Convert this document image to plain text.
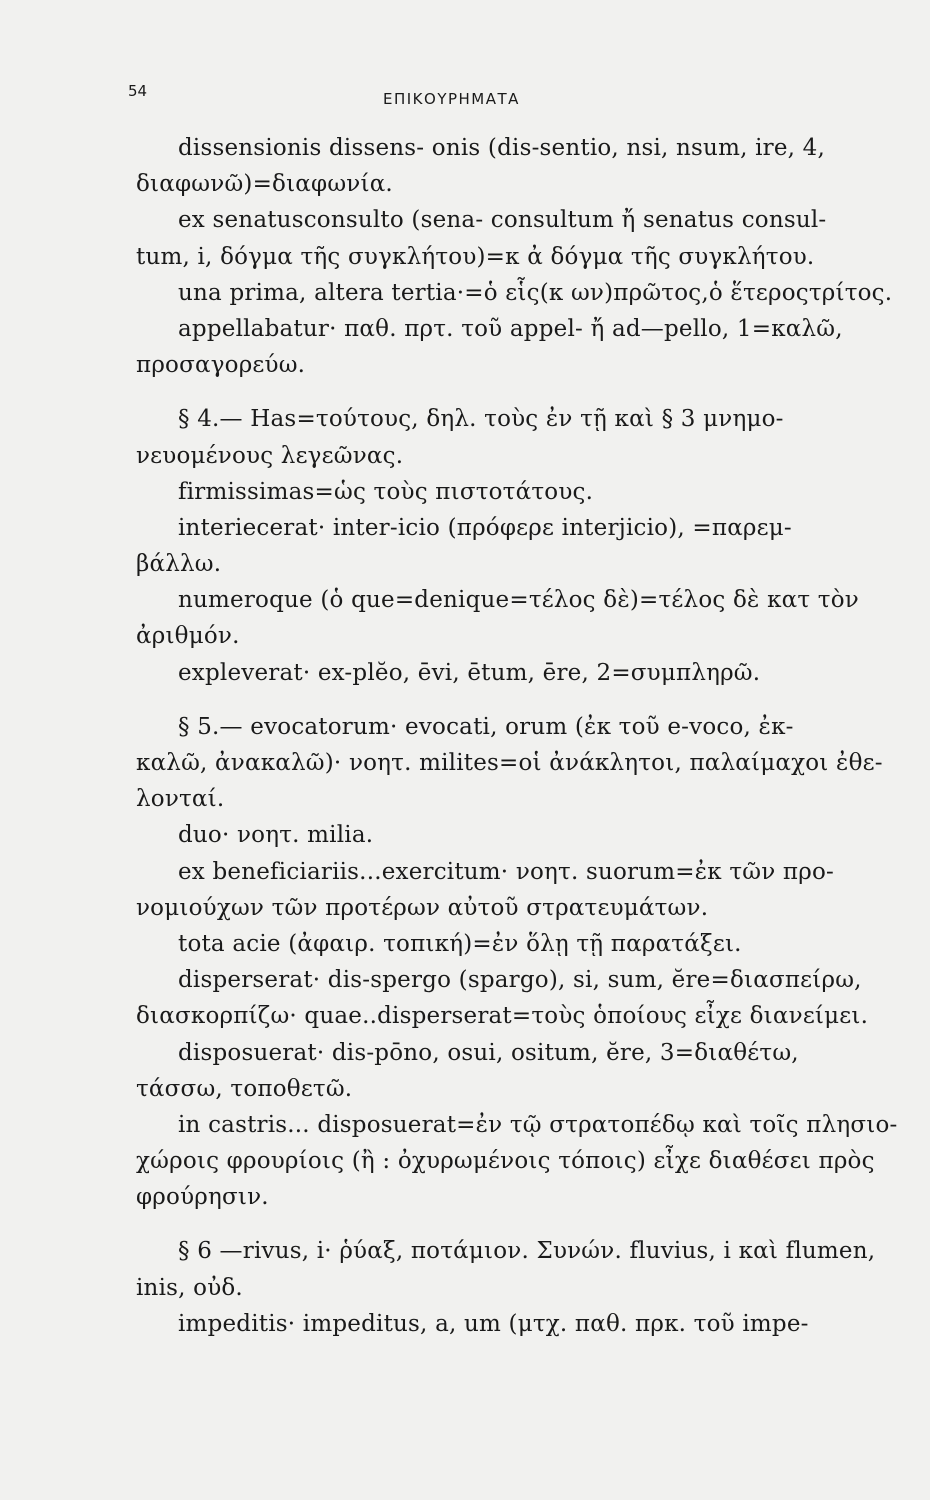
54	ΕΠΙΚΟΥΡΗΜΑΤΑ
dissensionis dissens- onis (dis-sentio, nsi, nsum, ire, 4,
διαφωνῶ)=διαφωνία.
ex senatusconsulto (sena- consultum ἤ senatus consul-
tum, i, δόγμα τῆς συγκλήτου)=κ ἀ δόγμα τῆς συγκλήτου.
una prima, altera tertia·=ὁ εἷς(κ ων)πρῶτος,ὁ ἕτεροςτρίτος.
appellabatur· παθ. πρτ. τοῦ appel- ἤ ad—pello, 1=καλῶ,
προσαγορεύω.
§ 4.— Has=τούτους, δηλ. τοὺς ἐν τῇ καὶ § 3 μνημο-
νευομένους λεγεῶνας.
firmissimas=ὡς τοὺς πιστοτάτους.
interiecerat· inter-icio (πρόφερε interjicio), =παρεμ-
βάλλω.
numeroque (ὁ que=denique=τέλος δὲ)=τέλος δὲ κατ τὸν
ἀριθμόν.
expleverat· ex-plĕo, ēvi, ētum, ēre, 2=συμπληρῶ.
§ 5.— evocatorum· evocati, orum (ἐκ τοῦ e-voco, ἐκ-
καλῶ, ἀνακαλῶ)· νοητ. milites=οἱ ἀνάκλητοι, παλαίμαχοι ἐθε-
λονταί.
duo· νοητ. milia.
ex beneficiariis...exercitum· νοητ. suorum=ἐκ τῶν προ-
νομιούχων τῶν προτέρων αὐτοῦ στρατευμάτων.
tota acie (ἀφαιρ. τοπική)=ἐν ὅλῃ τῇ παρατάξει.
disperserat· dis-spergo (spargo), si, sum, ĕre=διασπείρω,
διασκορπίζω· quae..disperserat=τοὺς ὁποίους εἶχε διανείμει.
disposuerat· dis-pōno, osui, ositum, ĕre, 3=διαθέτω,
τάσσω, τοποθετῶ.
in castris... disposuerat=ἐν τῷ στρατοπέδῳ καὶ τοῖς πλησιο-
χώροις φρουρίοις (ἢ : ὀχυρωμένοις τόποις) εἶχε διαθέσει πρὸς
φρούρησιν.
§ 6 —rivus, i· ῥύαξ, ποτάμιον. Συνών. fluvius, i καὶ flumen,
inis, οὐδ.
impeditis· impeditus, a, um (μτχ. παθ. πρκ. τοῦ impe-
